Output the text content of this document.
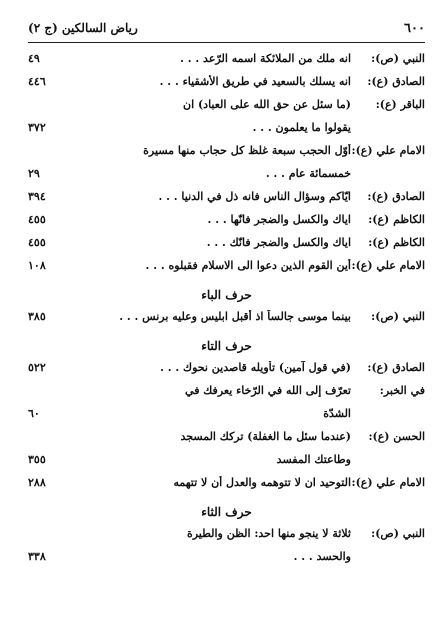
٦٠٠
رياض السالكين (ج ٢)
النبي (ص):
انه ملك من الملائكة اسمه الرّعد . . .
٤٩
الصادق (ع):
انه يسلك بالسعيد في طريق الأشقياء . . .
٤٤٦
الباقر (ع):
(ما سئل عن حق الله على العباد) ان
يقولوا ما يعلمون . . .
٣٧٢
الامام علي (ع):
أوّل الحجب سبعة غلظ كل حجاب منها مسيرة
خمسمائة عام . . .
٢٩
الصادق (ع):
ايّاكم وسؤال الناس فانه ذل في الدنيا . . .
٣٩٤
الكاظم (ع):
اياك والكسل والضجر فانّها . . .
٤٥٥
الكاظم (ع):
اياك والكسل والضجر فانّك . . .
٤٥٥
الامام علي (ع):
أين القوم الذين دعوا الى الاسلام فقبلوه . . .
١٠٨
حرف الباء
النبي (ص):
بينما موسى جالساً اذ أقبل ابليس وعليه برنس . . .
٣٨٥
حرف التاء
الصادق (ع):
(في قول آمين) تأويله قاصدين نحوك . . .
٥٢٢
في الخبر:
تعرّف إلى الله في الرّخاء يعرفك في
الشدّة
٦٠
الحسن (ع):
(عندما سئل ما الغفلة) تركك المسجد
وطاعتك المفسد
٣٥٥
الامام علي (ع):
التوحيد ان لا تتوهمه والعدل أن لا تتهمه
٢٨٨
حرف الثاء
النبي (ص):
ثلاثة لا ينجو منها احد: الظن والطيرة
والحسد . . .
٣٣٨
